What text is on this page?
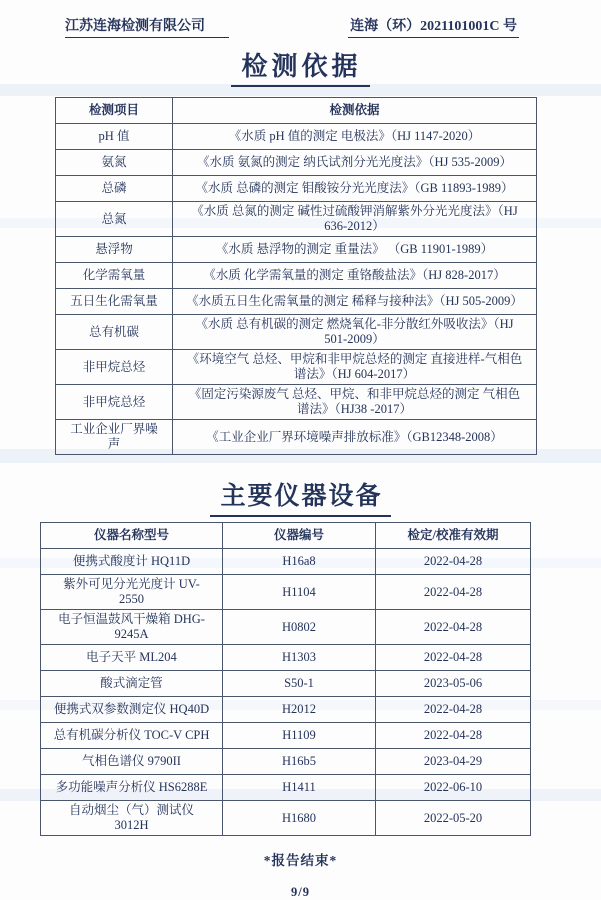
江苏连海检测有限公司	连海（环）2021101001C 号
检测依据
检测项目	检测依据
pH 值	《水质 pH 值的测定 电极法》（HJ 1147-2020）
氨氮	《水质 氨氮的测定 纳氏试剂分光光度法》（HJ 535-2009）
总磷	《水质 总磷的测定 钼酸铵分光光度法》（GB 11893-1989）
总氮	《水质 总氮的测定 碱性过硫酸钾消解紫外分光光度法》（HJ 636-2012）
悬浮物	《水质 悬浮物的测定 重量法》 （GB 11901-1989）
化学需氧量	《水质 化学需氧量的测定 重铬酸盐法》（HJ 828-2017）
五日生化需氧量	《水质五日生化需氧量的测定 稀释与接种法》（HJ 505-2009）
总有机碳	《水质 总有机碳的测定 燃烧氧化-非分散红外吸收法》（HJ 501-2009）
非甲烷总烃	《环境空气 总烃、甲烷和非甲烷总烃的测定 直接进样-气相色谱法》（HJ 604-2017）
非甲烷总烃	《固定污染源废气 总烃、甲烷、和非甲烷总烃的测定 气相色谱法》（HJ38 -2017）
工业企业厂界噪声	《工业企业厂界环境噪声排放标准》（GB12348-2008）
主要仪器设备
仪器名称型号	仪器编号	检定/校准有效期
便携式酸度计 HQ11D	H16a8	2022-04-28
紫外可见分光光度计 UV-2550	H1104	2022-04-28
电子恒温鼓风干燥箱 DHG-9245A	H0802	2022-04-28
电子天平 ML204	H1303	2022-04-28
酸式滴定管	S50-1	2023-05-06
便携式双参数测定仪 HQ40D	H2012	2022-04-28
总有机碳分析仪 TOC-V CPH	H1109	2022-04-28
气相色谱仪 9790II	H16b5	2023-04-29
多功能噪声分析仪 HS6288E	H1411	2022-06-10
自动烟尘（气）测试仪 3012H	H1680	2022-05-20
*报告结束*
9/9
